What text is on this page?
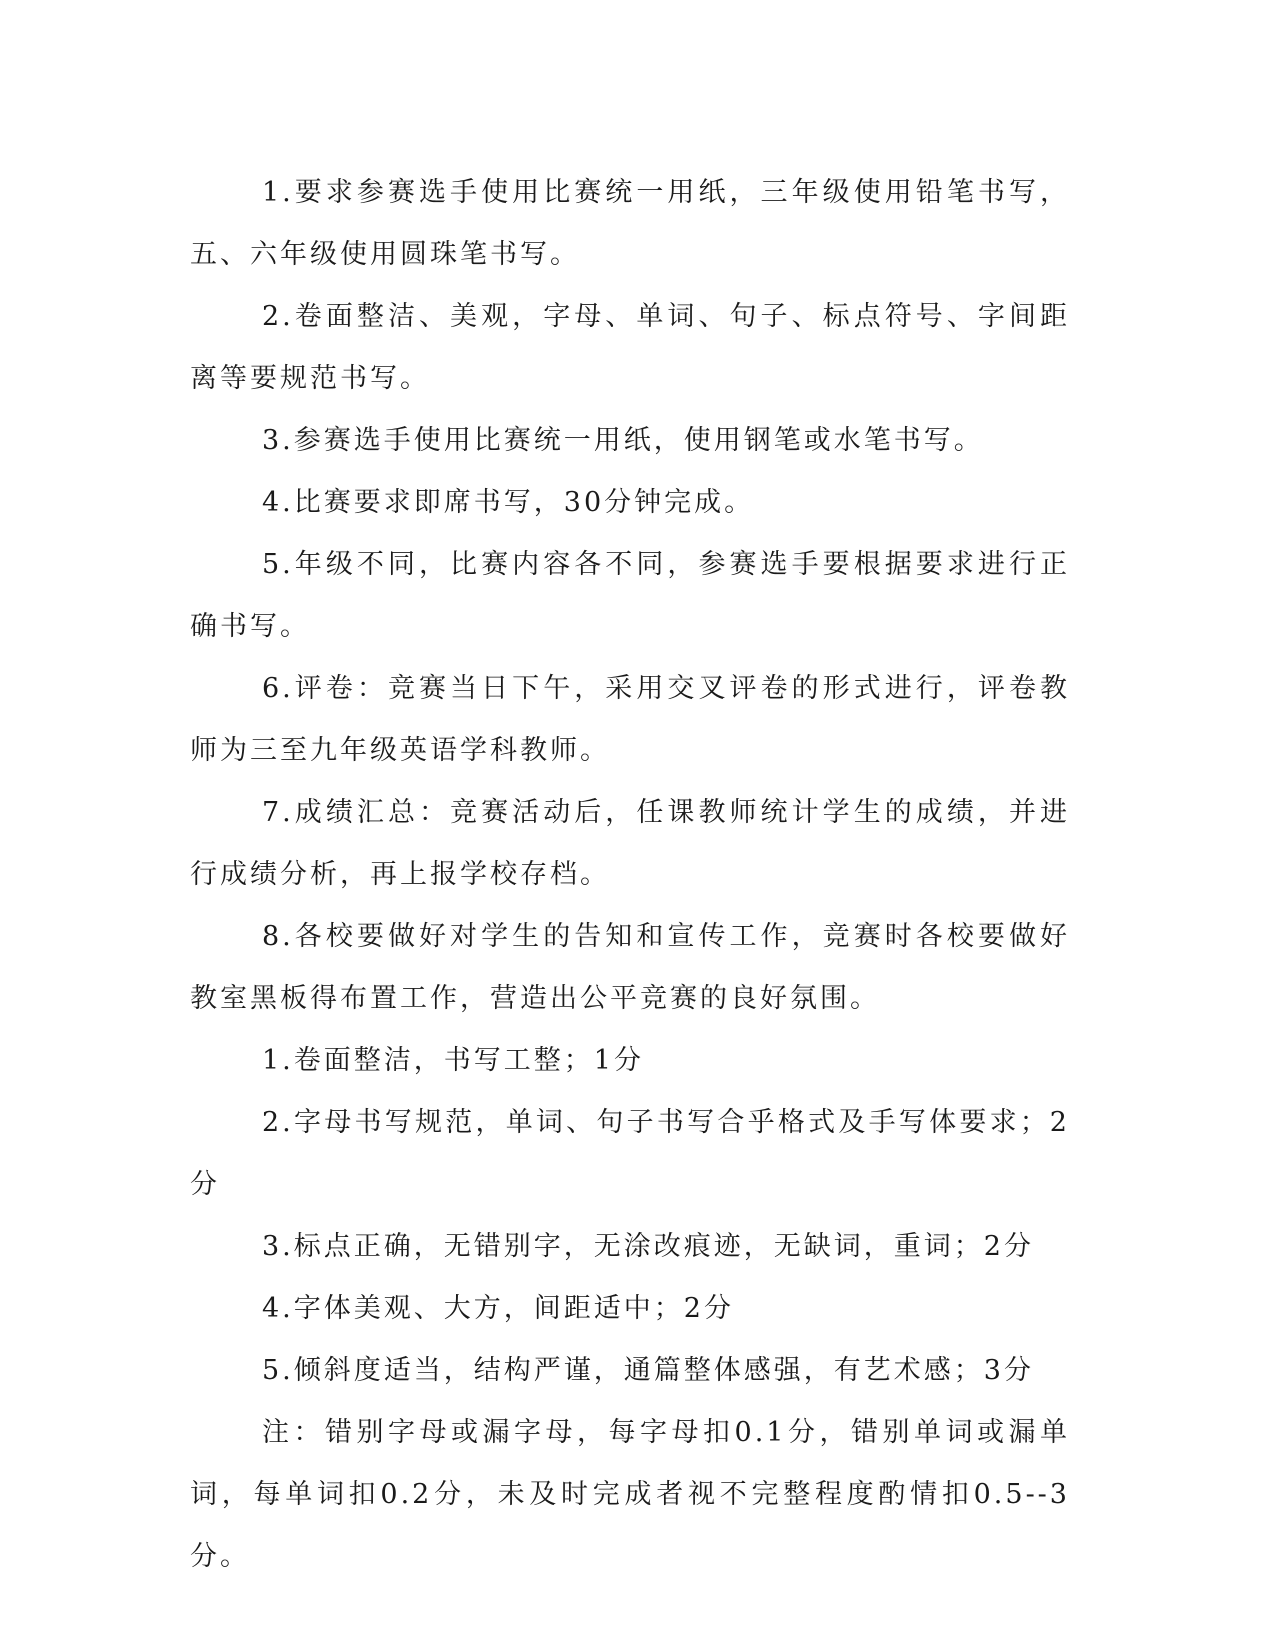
1.要求参赛选手使用比赛统一用纸，三年级使用铅笔书写，五、六年级使用圆珠笔书写。

2.卷面整洁、美观，字母、单词、句子、标点符号、字间距离等要规范书写。

3.参赛选手使用比赛统一用纸，使用钢笔或水笔书写。

4.比赛要求即席书写，30分钟完成。

5.年级不同，比赛内容各不同，参赛选手要根据要求进行正确书写。

6.评卷：竞赛当日下午，采用交叉评卷的形式进行，评卷教师为三至九年级英语学科教师。

7.成绩汇总：竞赛活动后，任课教师统计学生的成绩，并进行成绩分析，再上报学校存档。

8.各校要做好对学生的告知和宣传工作，竞赛时各校要做好教室黑板得布置工作，营造出公平竞赛的良好氛围。

1.卷面整洁，书写工整；1分

2.字母书写规范，单词、句子书写合乎格式及手写体要求；2分

3.标点正确，无错别字，无涂改痕迹，无缺词，重词；2分

4.字体美观、大方，间距适中；2分

5.倾斜度适当，结构严谨，通篇整体感强，有艺术感；3分

注：错别字母或漏字母，每字母扣0.1分，错别单词或漏单词，每单词扣0.2分，未及时完成者视不完整程度酌情扣0.5--3分。
